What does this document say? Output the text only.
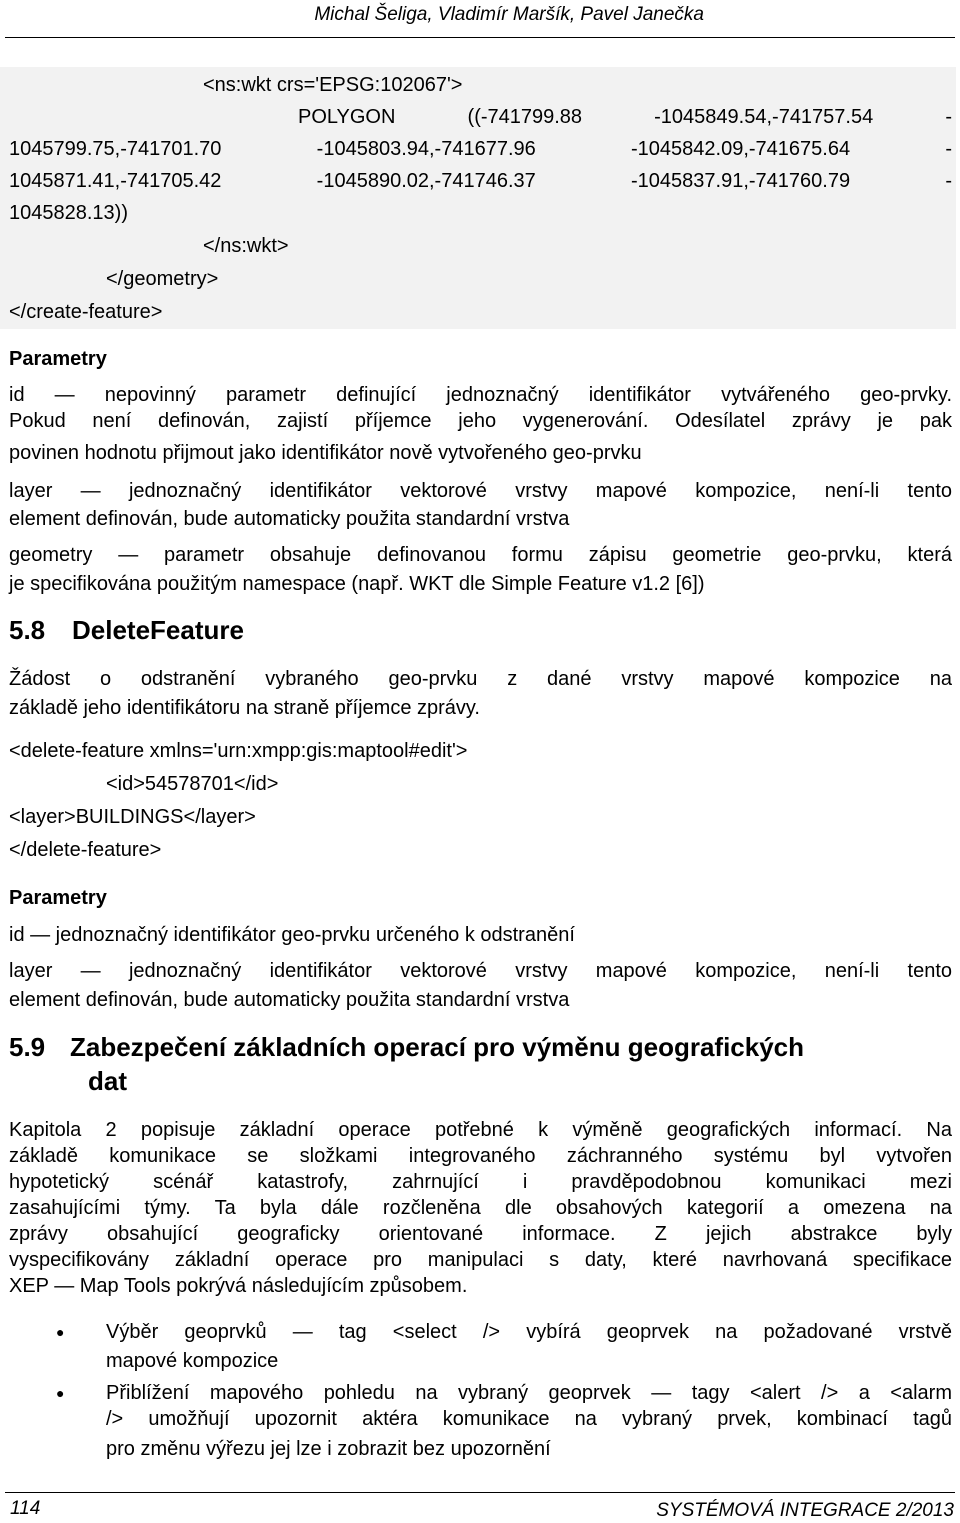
Michal Šeliga, Vladimír Maršík, Pavel Janečka
<ns:wkt crs='EPSG:102067'>
POLYGON ((-741799.88 -1045849.54,-741757.54 -
1045799.75,-741701.70 -1045803.94,-741677.96 -1045842.09,-741675.64 -
1045871.41,-741705.42 -1045890.02,-741746.37 -1045837.91,-741760.79 -
1045828.13))
</ns:wkt>
</geometry>
</create-feature>
Parametry
id — nepovinný parametr definující jednoznačný identifikátor vytvářeného geo-prvky.
Pokud není definován, zajistí příjemce jeho vygenerování. Odesílatel zprávy je pak
povinen hodnotu přijmout jako identifikátor nově vytvořeného geo-prvku
layer — jednoznačný identifikátor vektorové vrstvy mapové kompozice, není-li tento
element definován, bude automaticky použita standardní vrstva
geometry — parametr obsahuje definovanou formu zápisu geometrie geo-prvku, která
je specifikována použitým namespace (např. WKT dle Simple Feature v1.2 [6])
5.8 DeleteFeature
Žádost o odstranění vybraného geo-prvku z dané vrstvy mapové kompozice na
základě jeho identifikátoru na straně příjemce zprávy.
<delete-feature xmlns='urn:xmpp:gis:maptool#edit'>
<id>54578701</id>
<layer>BUILDINGS</layer>
</delete-feature>
Parametry
id — jednoznačný identifikátor geo-prvku určeného k odstranění
layer — jednoznačný identifikátor vektorové vrstvy mapové kompozice, není-li tento
element definován, bude automaticky použita standardní vrstva
5.9 Zabezpečení základních operací pro výměnu geografických
dat
Kapitola 2 popisuje základní operace potřebné k výměně geografických informací. Na
základě komunikace se složkami integrovaného záchranného systému byl vytvořen
hypotetický scénář katastrofy, zahrnující i pravděpodobnou komunikaci mezi
zasahujícími týmy. Ta byla dále rozčleněna dle obsahových kategorií a omezena na
zprávy obsahující geograficky orientované informace. Z jejich abstrakce byly
vyspecifikovány základní operace pro manipulaci s daty, které navrhovaná specifikace
XEP — Map Tools pokrývá následujícím způsobem.
● Výběr geoprvků — tag <select /> vybírá geoprvek na požadované vrstvě
mapové kompozice
● Přiblížení mapového pohledu na vybraný geoprvek — tagy <alert /> a <alarm
/> umožňují upozornit aktéra komunikace na vybraný prvek, kombinací tagů
pro změnu výřezu jej lze i zobrazit bez upozornění
114	SYSTÉMOVÁ INTEGRACE 2/2013
